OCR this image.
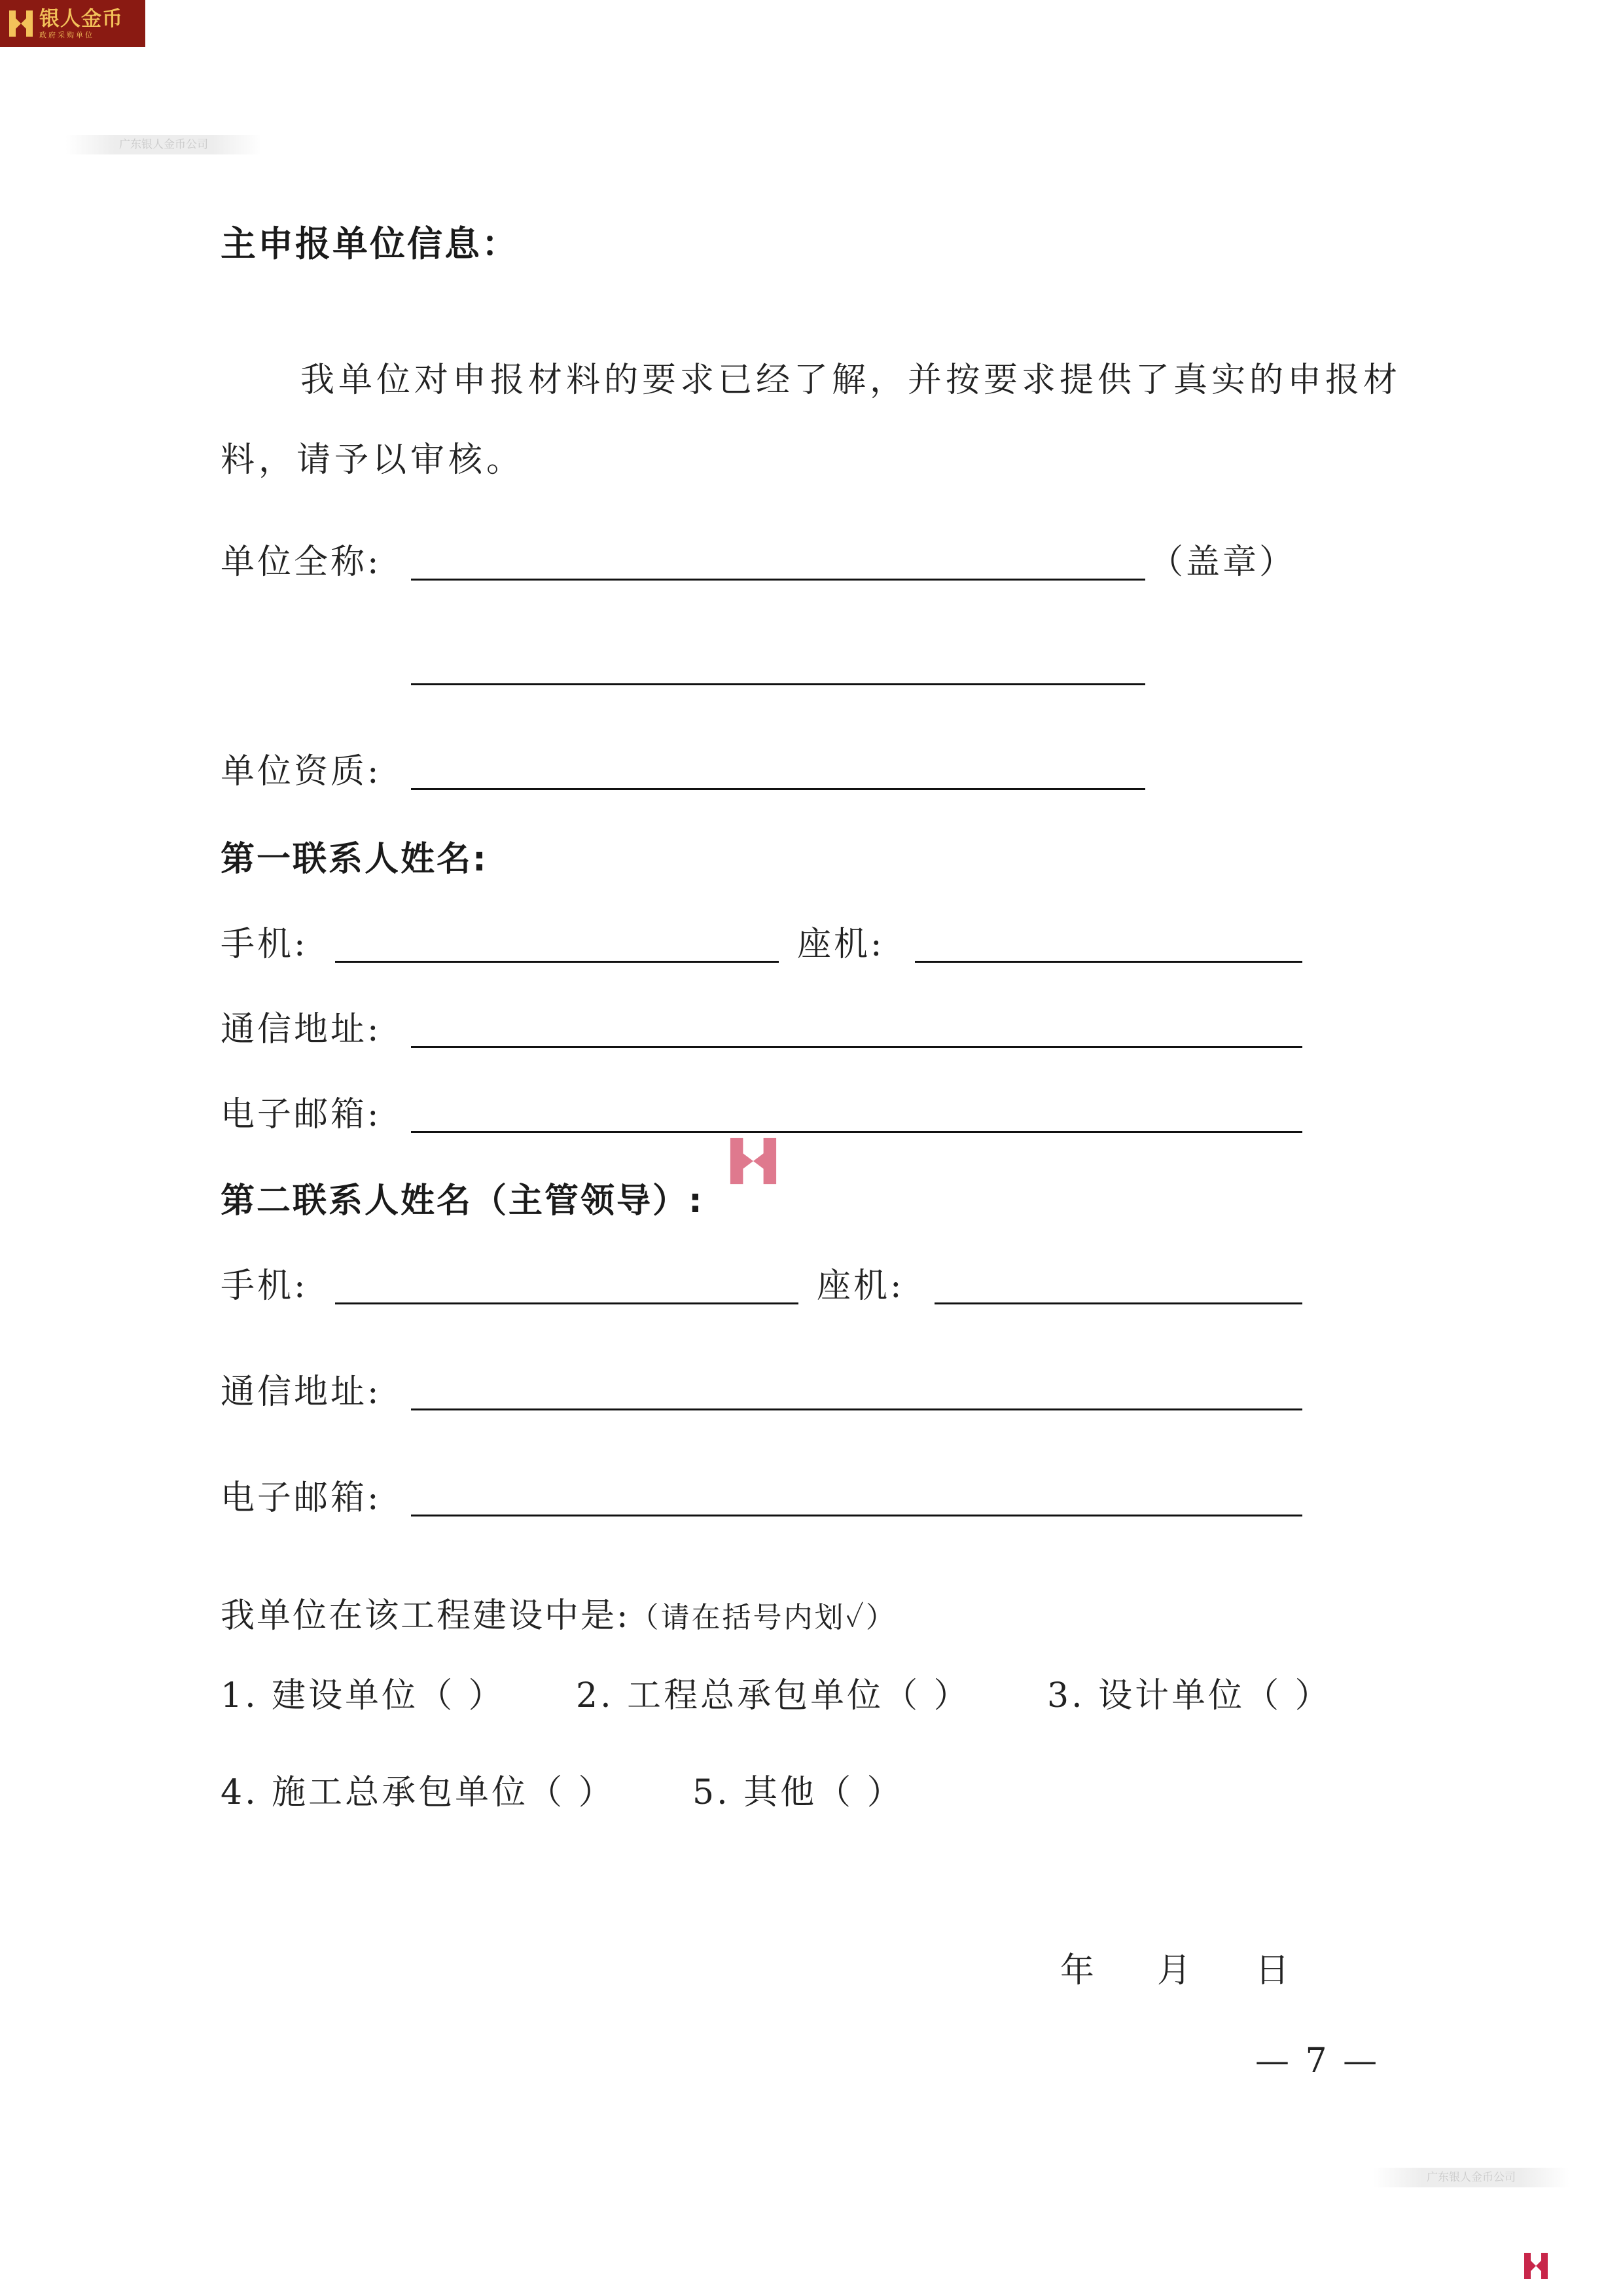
银人金币
政府采购单位
广东银人金币公司
广东银人金币公司
主申报单位信息：
我单位对申报材料的要求已经了解，并按要求提供了真实的申报材料，请予以审核。
单位全称:	（盖章）
单位资质:
第一联系人姓名:
手机:	座机:
通信地址:
电子邮箱:
第二联系人姓名（主管领导）:
手机:	座机:
通信地址:
电子邮箱:
我单位在该工程建设中是:（请在括号内划✓）
1. 建设单位（ ） 2. 工程总承包单位（ ） 3. 设计单位（ ）
4. 施工总承包单位（ ） 5. 其他（ ）
年 月 日
— 7 —
